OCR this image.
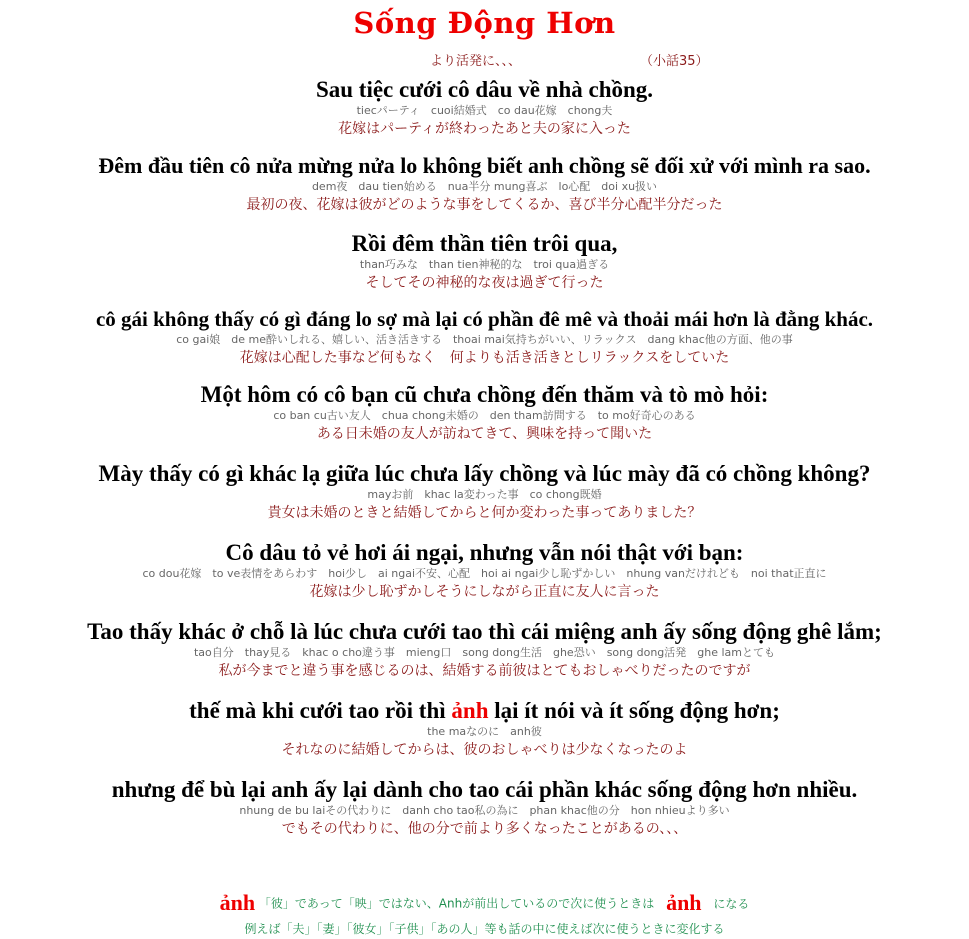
Sống Động Hơn
より活発に、、、	（小話35）
Sau tiệc cưới cô dâu về nhà chồng.
tiecパーティ　cuoi結婚式　co dau花嫁　chong夫
花嫁はパーティが終わったあと夫の家に入った
Đêm đầu tiên cô nửa mừng nửa lo không biết anh chồng sẽ đối xử với mình ra sao.
dem夜　dau tien始める　nua半分 mung喜ぶ　lo心配　doi xu扱い
最初の夜、花嫁は彼がどのような事をしてくるか、喜び半分心配半分だった
Rồi đêm thần tiên trôi qua,
than巧みな　than tien神秘的な　troi qua過ぎる
そしてその神秘的な夜は過ぎて行った
cô gái không thấy có gì đáng lo sợ mà lại có phần đê mê và thoải mái hơn là đằng khác.
co gai娘　de me酔いしれる、嬉しい、活き活きする　thoai mai気持ちがいい、リラックス　dang khac他の方面、他の事
花嫁は心配した事など何もなく　何よりも活き活きとしリラックスをしていた
Một hôm có cô bạn cũ chưa chồng đến thăm và tò mò hỏi:
co ban cu古い友人　chua chong未婚の　den tham訪問する　to mo好奇心のある
ある日未婚の友人が訪ねてきて、興味を持って聞いた
Mày thấy có gì khác lạ giữa lúc chưa lấy chồng và lúc mày đã có chồng không?
mayお前　khac la変わった事　co chong既婚
貴女は未婚のときと結婚してからと何か変わった事ってありました？
Cô dâu tỏ vẻ hơi ái ngại, nhưng vẫn nói thật với bạn:
co dou花嫁　to ve表情をあらわす　hoi少し　ai ngai不安、心配　hoi ai ngai少し恥ずかしい　nhung vanだけれども　noi that正直に
花嫁は少し恥ずかしそうにしながら正直に友人に言った
Tao thấy khác ở chỗ là lúc chưa cưới tao thì cái miệng anh ấy sống động ghê lắm;
tao自分　thay見る　khac o cho違う事　mieng口　song dong生活　ghe恐い　song dong活発　ghe lamとても
私が今までと違う事を感じるのは、結婚する前彼はとてもおしゃべりだったのですが
thế mà khi cưới tao rồi thì ảnh lại ít nói và ít sống động hơn;
the maなのに　anh彼
それなのに結婚してからは、彼のおしゃべりは少なくなったのよ
nhưng để bù lại anh ấy lại dành cho tao cái phần khác sống động hơn nhiều.
nhung de bu laiその代わりに　danh cho tao私の為に　phan khac他の分　hon nhieuより多い
でもその代わりに、他の分で前より多くなったことがあるの、、、
ảnh 「彼」であって「映」ではない、Anhが前出しているので次に使うときは ảnh になる
例えば「夫」「妻」「彼女」「子供」「あの人」等も話の中に使えば次に使うときに変化する
